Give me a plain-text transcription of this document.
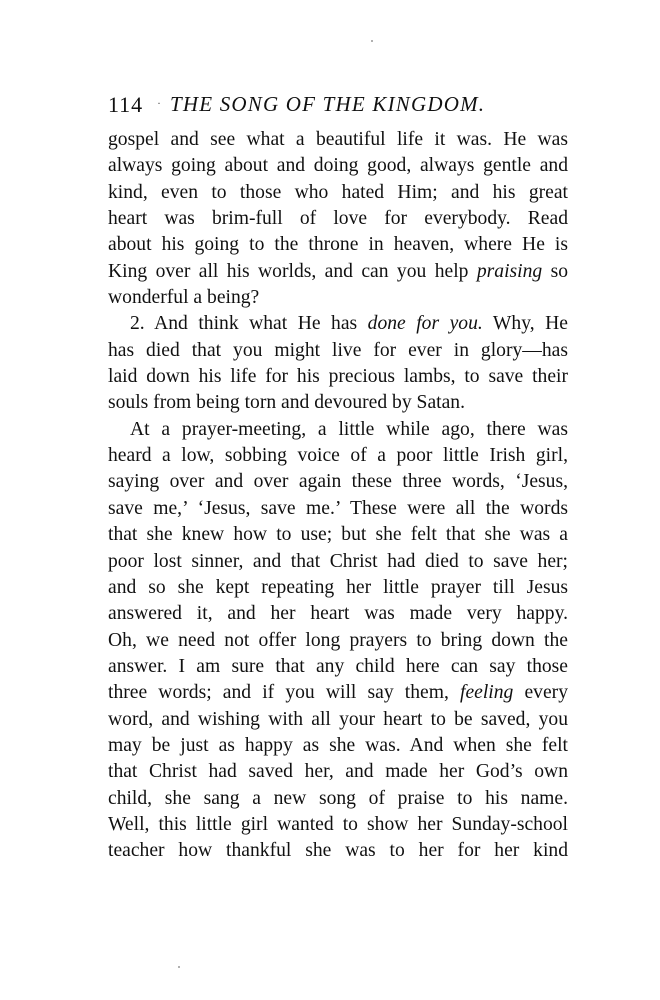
114 · THE SONG OF THE KINGDOM.
gospel and see what a beautiful life it was. He was
always going about and doing good, always gentle and
kind, even to those who hated Him; and his great
heart was brim-full of love for everybody. Read
about his going to the throne in heaven, where He is
King over all his worlds, and can you help praising so
wonderful a being?
2. And think what He has done for you. Why, He
has died that you might live for ever in glory—has
laid down his life for his precious lambs, to save their
souls from being torn and devoured by Satan.
At a prayer-meeting, a little while ago, there was
heard a low, sobbing voice of a poor little Irish girl,
saying over and over again these three words, ‘Jesus,
save me,’ ‘Jesus, save me.’ These were all the words
that she knew how to use; but she felt that she was a
poor lost sinner, and that Christ had died to save her;
and so she kept repeating her little prayer till Jesus
answered it, and her heart was made very happy.
Oh, we need not offer long prayers to bring down the
answer. I am sure that any child here can say those
three words; and if you will say them, feeling every
word, and wishing with all your heart to be saved, you
may be just as happy as she was. And when she felt
that Christ had saved her, and made her God’s own
child, she sang a new song of praise to his name.
Well, this little girl wanted to show her Sunday-school
teacher how thankful she was to her for her kind
